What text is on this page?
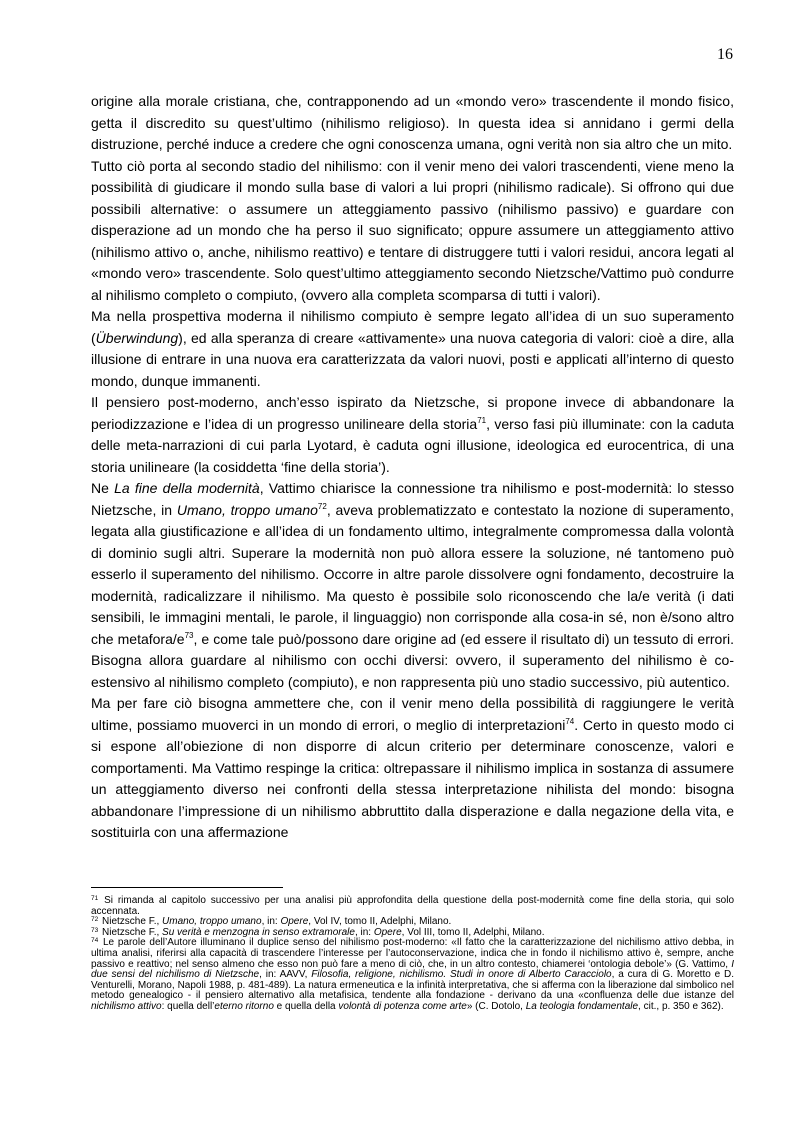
16

origine alla morale cristiana, che, contrapponendo ad un «mondo vero» trascendente il mondo fisico, getta il discredito su quest’ultimo (nihilismo religioso). In questa idea si annidano i germi della distruzione, perché induce a credere che ogni conoscenza umana, ogni verità non sia altro che un mito.

Tutto ciò porta al secondo stadio del nihilismo: con il venir meno dei valori trascendenti, viene meno la possibilità di giudicare il mondo sulla base di valori a lui propri (nihilismo radicale). Si offrono qui due possibili alternative: o assumere un atteggiamento passivo (nihilismo passivo) e guardare con disperazione ad un mondo che ha perso il suo significato; oppure assumere un atteggiamento attivo (nihilismo attivo o, anche, nihilismo reattivo) e tentare di distruggere tutti i valori residui, ancora legati al «mondo vero» trascendente. Solo quest’ultimo atteggiamento secondo Nietzsche/Vattimo può condurre al nihilismo completo o compiuto, (ovvero alla completa scomparsa di tutti i valori).

Ma nella prospettiva moderna il nihilismo compiuto è sempre legato all’idea di un suo superamento (Überwindung), ed alla speranza di creare «attivamente» una nuova categoria di valori: cioè a dire, alla illusione di entrare in una nuova era caratterizzata da valori nuovi, posti e applicati all’interno di questo mondo, dunque immanenti.

Il pensiero post-moderno, anch’esso ispirato da Nietzsche, si propone invece di abbandonare la periodizzazione e l’idea di un progresso unilineare della storia$^{71}$, verso fasi più illuminate: con la caduta delle meta-narrazioni di cui parla Lyotard, è caduta ogni illusione, ideologica ed eurocentrica, di una storia unilineare (la cosiddetta ‘fine della storia’).

Ne La fine della modernità, Vattimo chiarisce la connessione tra nihilismo e post-modernità: lo stesso Nietzsche, in Umano, troppo umano$^{72}$, aveva problematizzato e contestato la nozione di superamento, legata alla giustificazione e all’idea di un fondamento ultimo, integralmente compromessa dalla volontà di dominio sugli altri. Superare la modernità non può allora essere la soluzione, né tantomeno può esserlo il superamento del nihilismo. Occorre in altre parole dissolvere ogni fondamento, decostruire la modernità, radicalizzare il nihilismo. Ma questo è possibile solo riconoscendo che la/e verità (i dati sensibili, le immagini mentali, le parole, il linguaggio) non corrisponde alla cosa-in sé, non è/sono altro che metafora/e$^{73}$, e come tale può/possono dare origine ad (ed essere il risultato di) un tessuto di errori. Bisogna allora guardare al nihilismo con occhi diversi: ovvero, il superamento del nihilismo è co-estensivo al nihilismo completo (compiuto), e non rappresenta più uno stadio successivo, più autentico.

Ma per fare ciò bisogna ammettere che, con il venir meno della possibilità di raggiungere le verità ultime, possiamo muoverci in un mondo di errori, o meglio di interpretazioni$^{74}$. Certo in questo modo ci si espone all’obiezione di non disporre di alcun criterio per determinare conoscenze, valori e comportamenti. Ma Vattimo respinge la critica: oltrepassare il nihilismo implica in sostanza di assumere un atteggiamento diverso nei confronti della stessa interpretazione nihilista del mondo: bisogna abbandonare l’impressione di un nihilismo abbruttito dalla disperazione e dalla negazione della vita, e sostituirla con una affermazione

$^{71}$ Si rimanda al capitolo successivo per una analisi più approfondita della questione della post-modernità come fine della storia, qui solo accennata.

$^{72}$ Nietzsche F., Umano, troppo umano, in: Opere, Vol IV, tomo II, Adelphi, Milano.

$^{73}$ Nietzsche F., Su verità e menzogna in senso extramorale, in: Opere, Vol III, tomo II, Adelphi, Milano.

$^{74}$ Le parole dell’Autore illuminano il duplice senso del nihilismo post-moderno: «Il fatto che la caratterizzazione del nichilismo attivo debba, in ultima analisi, riferirsi alla capacità di trascendere l’interesse per l’autoconservazione, indica che in fondo il nichilismo attivo è, sempre, anche passivo e reattivo; nel senso almeno che esso non può fare a meno di ciò, che, in un altro contesto, chiamerei ‘ontologia debole’» (G. Vattimo, I due sensi del nichilismo di Nietzsche, in: AAVV, Filosofia, religione, nichilismo. Studi in onore di Alberto Caracciolo, a cura di G. Moretto e D. Venturelli, Morano, Napoli 1988, p. 481-489). La natura ermeneutica e la infinità interpretativa, che si afferma con la liberazione dal simbolico nel metodo genealogico - il pensiero alternativo alla metafisica, tendente alla fondazione - derivano da una «confluenza delle due istanze del nichilismo attivo: quella dell’eterno ritorno e quella della volontà di potenza come arte» (C. Dotolo, La teologia fondamentale, cit., p. 350 e 362).
